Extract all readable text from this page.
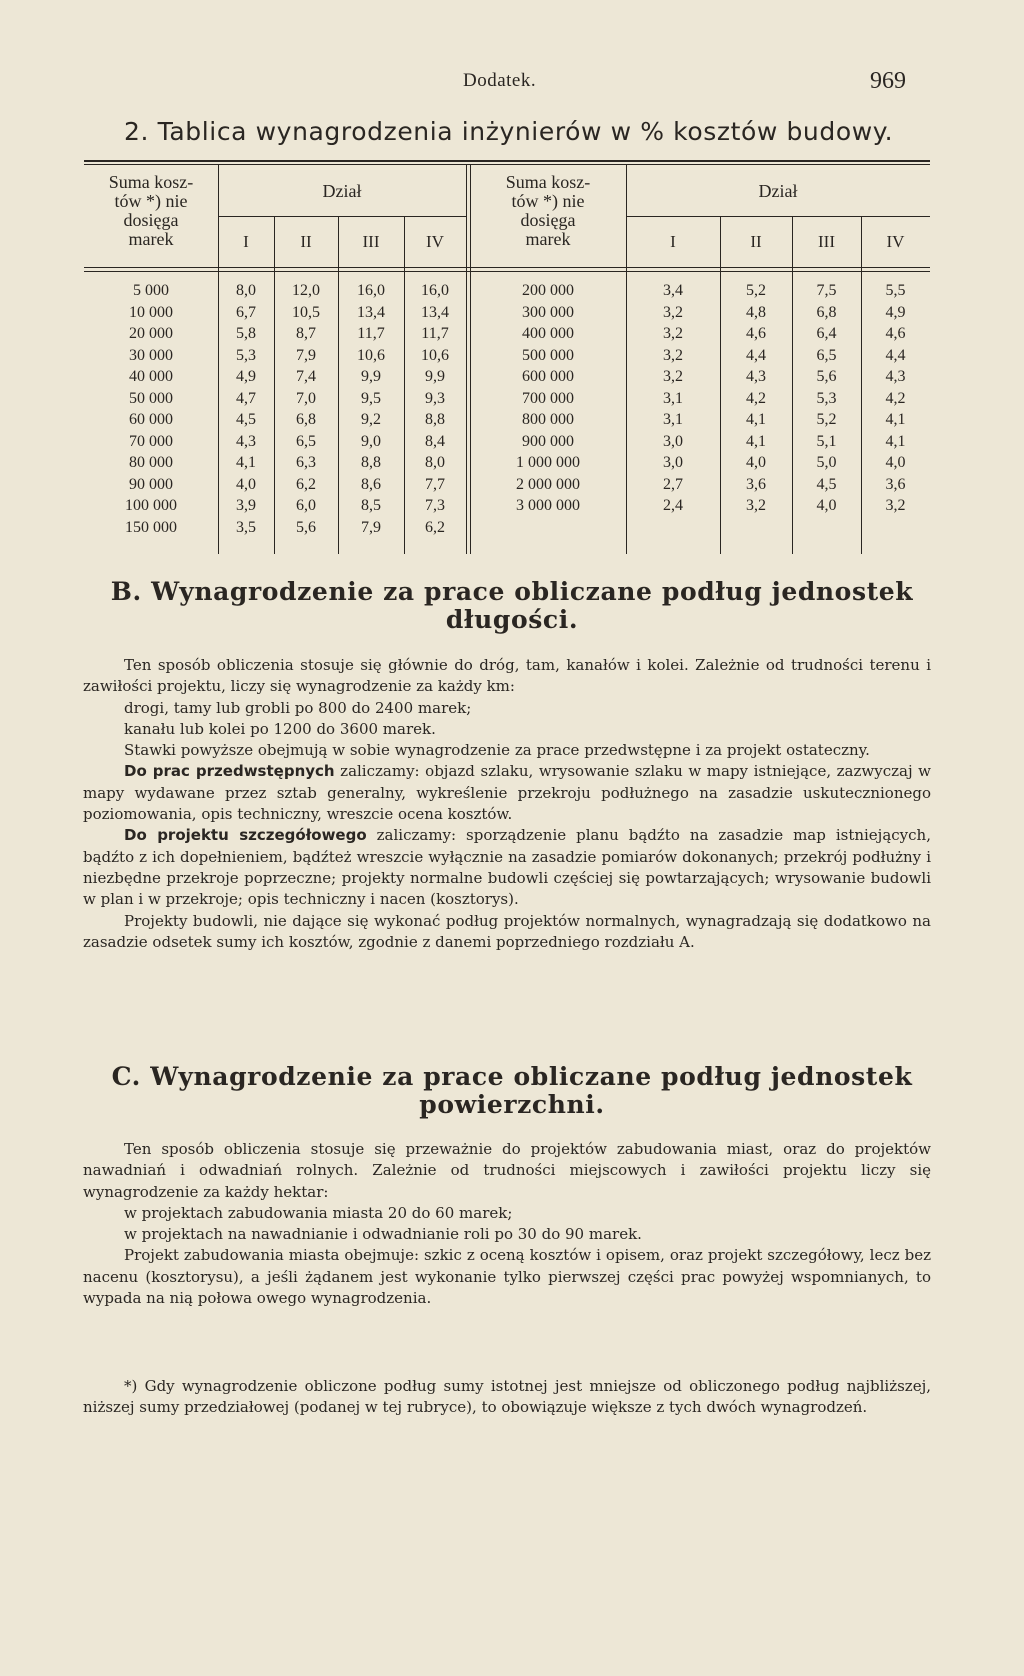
Dodatek.	969
2. Tablica wynagrodzenia inżynierów w % kosztów budowy.
Suma kosz-
tów *) nie
dosięga
marek
Dział
I	II	III	IV
Suma kosz-
tów *) nie
dosięga
marek
Dział
I	II	III	IV
5 000	8,0	12,0	16,0	16,0
10 000	6,7	10,5	13,4	13,4
20 000	5,8	8,7	11,7	11,7
30 000	5,3	7,9	10,6	10,6
40 000	4,9	7,4	9,9	9,9
50 000	4,7	7,0	9,5	9,3
60 000	4,5	6,8	9,2	8,8
70 000	4,3	6,5	9,0	8,4
80 000	4,1	6,3	8,8	8,0
90 000	4,0	6,2	8,6	7,7
100 000	3,9	6,0	8,5	7,3
150 000	3,5	5,6	7,9	6,2
200 000	3,4	5,2	7,5	5,5
300 000	3,2	4,8	6,8	4,9
400 000	3,2	4,6	6,4	4,6
500 000	3,2	4,4	6,5	4,4
600 000	3,2	4,3	5,6	4,3
700 000	3,1	4,2	5,3	4,2
800 000	3,1	4,1	5,2	4,1
900 000	3,0	4,1	5,1	4,1
1 000 000	3,0	4,0	5,0	4,0
2 000 000	2,7	3,6	4,5	3,6
3 000 000	2,4	3,2	4,0	3,2
B. Wynagrodzenie za prace obliczane podług jednostek
długości.

Ten sposób obliczenia stosuje się głównie do dróg, tam, kanałów i kolei. Zależnie od trudności terenu i zawiłości projektu, liczy się wynagrodzenie za każdy km:

drogi, tamy lub grobli po 800 do 2400 marek;

kanału lub kolei po 1200 do 3600 marek.

Stawki powyższe obejmują w sobie wynagrodzenie za prace przedwstępne i za projekt ostateczny.

Do prac przedwstępnych zaliczamy: objazd szlaku, wrysowanie szlaku w mapy istniejące, zazwyczaj w mapy wydawane przez sztab generalny, wykreślenie przekroju podłużnego na zasadzie uskutecznionego poziomowania, opis techniczny, wreszcie ocena kosztów.

Do projektu szczegółowego zaliczamy: sporządzenie planu bądźto na zasadzie map istniejących, bądźto z ich dopełnieniem, bądźteż wreszcie wyłącznie na zasadzie pomiarów dokonanych; przekrój podłużny i niezbędne przekroje poprzeczne; projekty normalne budowli częściej się powtarzających; wrysowanie budowli w plan i w przekroje; opis techniczny i nacen (kosztorys).

Projekty budowli, nie dające się wykonać podług projektów normalnych, wynagradzają się dodatkowo na zasadzie odsetek sumy ich kosztów, zgodnie z danemi poprzedniego rozdziału A.

C. Wynagrodzenie za prace obliczane podług jednostek
powierzchni.

Ten sposób obliczenia stosuje się przeważnie do projektów zabudowania miast, oraz do projektów nawadniań i odwadniań rolnych. Zależnie od trudności miejscowych i zawiłości projektu liczy się wynagrodzenie za każdy hektar:

w projektach zabudowania miasta 20 do 60 marek;

w projektach na nawadnianie i odwadnianie roli po 30 do 90 marek.

Projekt zabudowania miasta obejmuje: szkic z oceną kosztów i opisem, oraz projekt szczegółowy, lecz bez nacenu (kosztorysu), a jeśli żądanem jest wykonanie tylko pierwszej części prac powyżej wspomnianych, to wypada na nią połowa owego wynagrodzenia.

*) Gdy wynagrodzenie obliczone podług sumy istotnej jest mniejsze od obliczonego podług najbliższej, niższej sumy przedziałowej (podanej w tej rubryce), to obowiązuje większe z tych dwóch wynagrodzeń.
